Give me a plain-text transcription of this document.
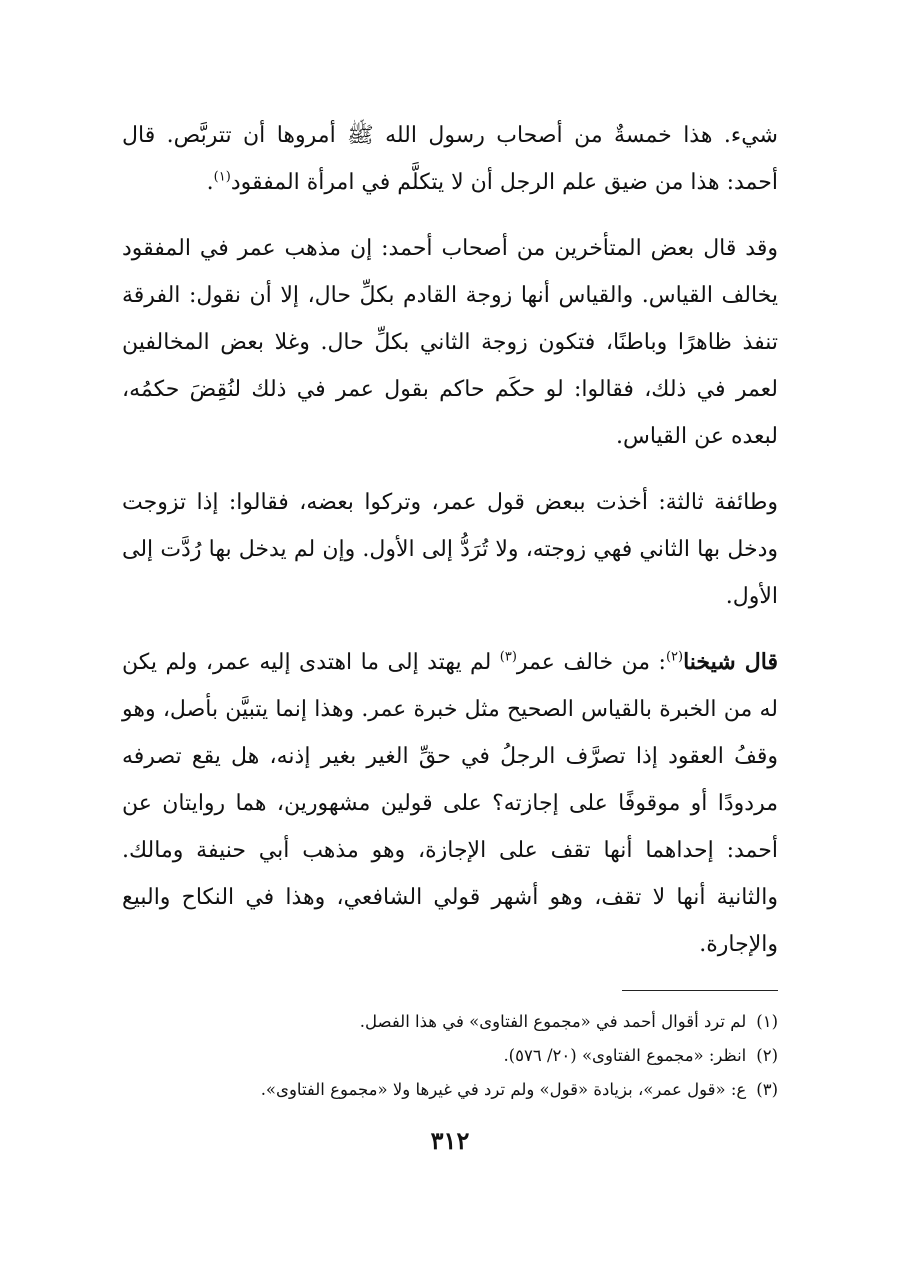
شيء. هذا خمسةٌ من أصحاب رسول الله ﷺ أمروها أن تتربَّص. قال أحمد: هذا من ضيق علم الرجل أن لا يتكلَّم في امرأة المفقود$^{(١)}$.

وقد قال بعض المتأخرين من أصحاب أحمد: إن مذهب عمر في المفقود يخالف القياس. والقياس أنها زوجة القادم بكلِّ حال، إلا أن نقول: الفرقة تنفذ ظاهرًا وباطنًا، فتكون زوجة الثاني بكلِّ حال. وغلا بعض المخالفين لعمر في ذلك، فقالوا: لو حكَم حاكم بقول عمر في ذلك لنُقِضَ حكمُه، لبعده عن القياس.

وطائفة ثالثة: أخذت ببعض قول عمر، وتركوا بعضه، فقالوا: إذا تزوجت ودخل بها الثاني فهي زوجته، ولا تُرَدُّ إلى الأول. وإن لم يدخل بها رُدَّت إلى الأول.

قال شيخنا$^{(٢)}$: من خالف عمر$^{(٣)}$ لم يهتد إلى ما اهتدى إليه عمر، ولم يكن له من الخبرة بالقياس الصحيح مثل خبرة عمر. وهذا إنما يتبيَّن بأصل، وهو وقفُ العقود إذا تصرَّف الرجلُ في حقِّ الغير بغير إذنه، هل يقع تصرفه مردودًا أو موقوفًا على إجازته؟ على قولين مشهورين، هما روايتان عن أحمد: إحداهما أنها تقف على الإجازة، وهو مذهب أبي حنيفة ومالك. والثانية أنها لا تقف، وهو أشهر قولي الشافعي، وهذا في النكاح والبيع والإجارة.

(١)لم ترد أقوال أحمد في «مجموع الفتاوى» في هذا الفصل.

(٢)انظر: «مجموع الفتاوى» (٢٠/ ٥٧٦).

(٣)ع: «قول عمر»، بزيادة «قول» ولم ترد في غيرها ولا «مجموع الفتاوى».

٣١٢
